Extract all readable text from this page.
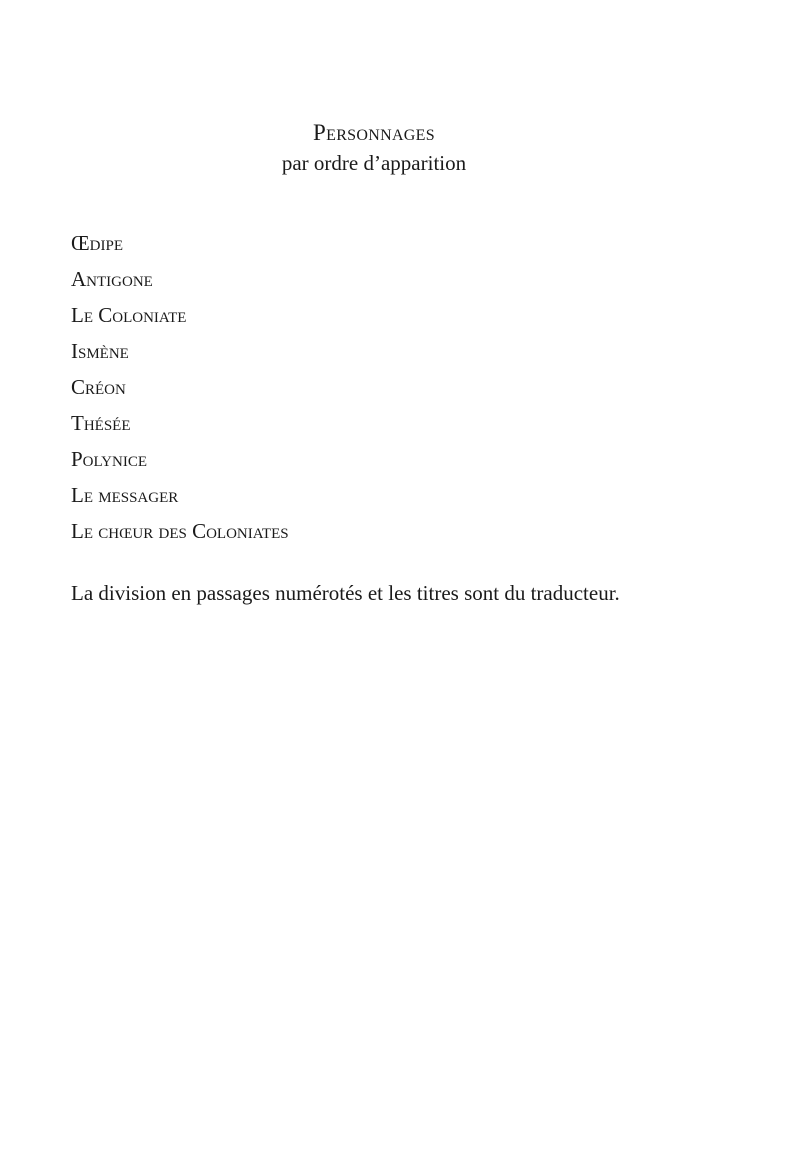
Personnages

par ordre d’apparition

Œdipe
Antigone
Le Coloniate
Ismène
Créon
Thésée
Polynice
Le messager
Le chœur des Coloniates

La division en passages numérotés et les titres sont du traducteur.
